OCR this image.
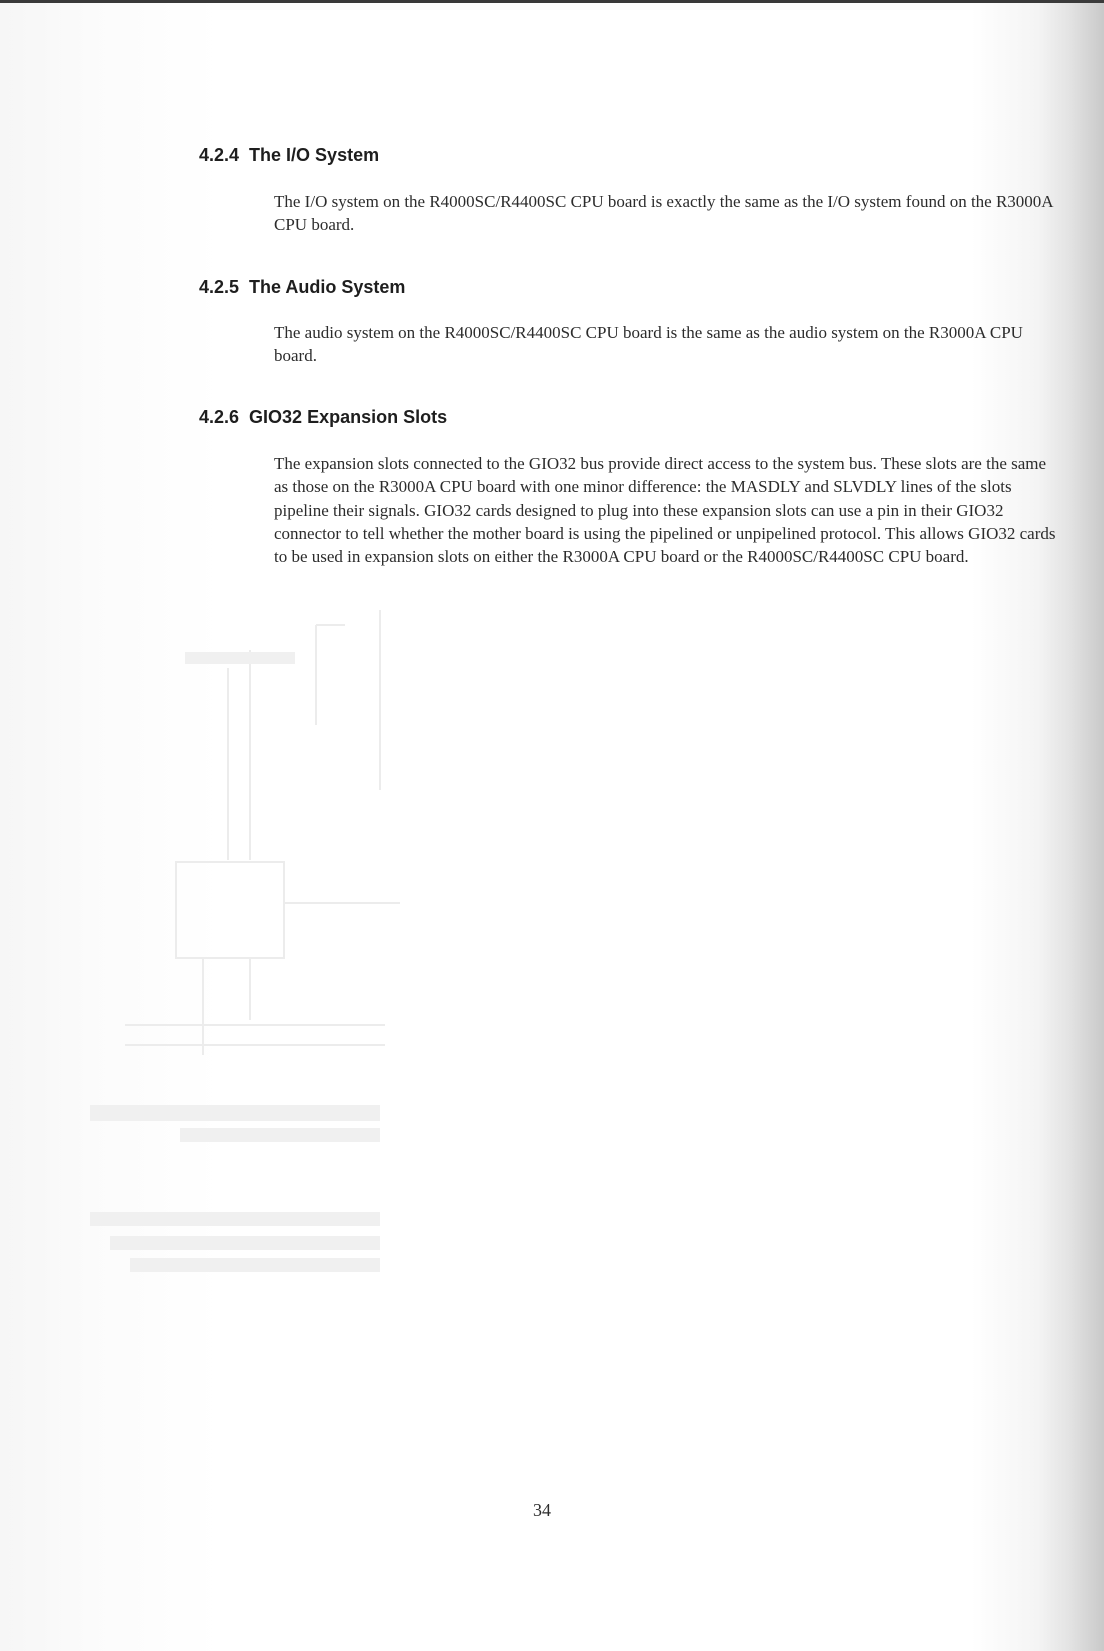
4.2.4 The I/O System

The I/O system on the R4000SC/R4400SC CPU board is exactly the same as the I/O system found on the R3000A CPU board.

4.2.5 The Audio System

The audio system on the R4000SC/R4400SC CPU board is the same as the audio system on the R3000A CPU board.

4.2.6 GIO32 Expansion Slots

The expansion slots connected to the GIO32 bus provide direct access to the system bus. These slots are the same as those on the R3000A CPU board with one minor difference: the MASDLY and SLVDLY lines of the slots pipeline their signals. GIO32 cards designed to plug into these expansion slots can use a pin in their GIO32 connector to tell whether the mother board is using the pipelined or unpipelined protocol. This allows GIO32 cards to be used in expansion slots on either the R3000A CPU board or the R4000SC/R4400SC CPU board.

34
